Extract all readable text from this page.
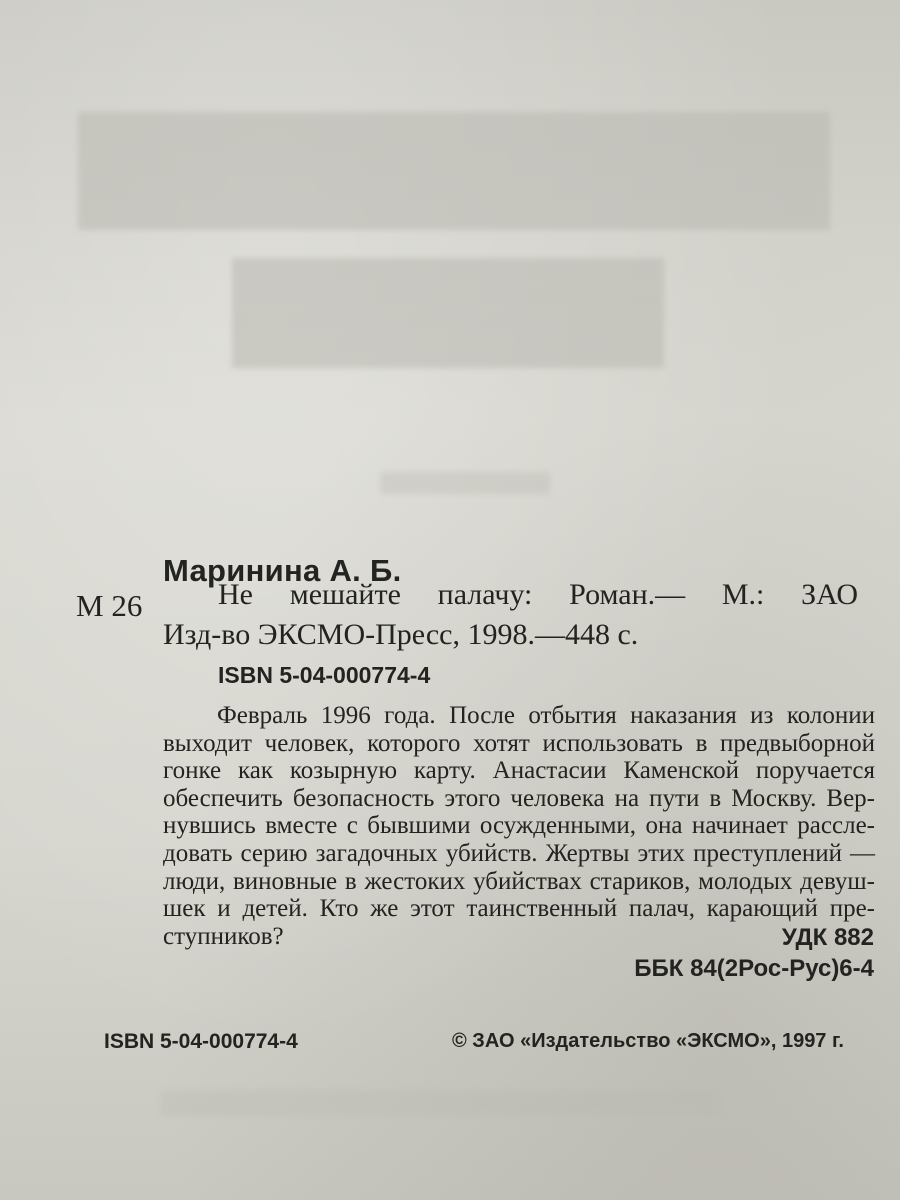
Маринина А. Б.

М 26	Не мешайте палачу: Роман.— М.: ЗАО

Изд-во ЭКСМО-Пресс, 1998.—448 с.

ISBN 5-04-000774-4

Февраль 1996 года. После отбытия наказания из колонии
выходит человек, которого хотят использовать в предвыборной
гонке как козырную карту. Анастасии Каменской поручается
обеспечить безопасность этого человека на пути в Москву. Вер-
нувшись вместе с бывшими осужденными, она начинает рассле-
довать серию загадочных убийств. Жертвы этих преступлений —
люди, виновные в жестоких убийствах стариков, молодых девуш-
шек и детей. Кто же этот таинственный палач, карающий пре-
ступников?	УДК 882

ББК 84(2Рос-Рус)6-4

ISBN 5-04-000774-4	© ЗАО «Издательство «ЭКСМО», 1997 г.
